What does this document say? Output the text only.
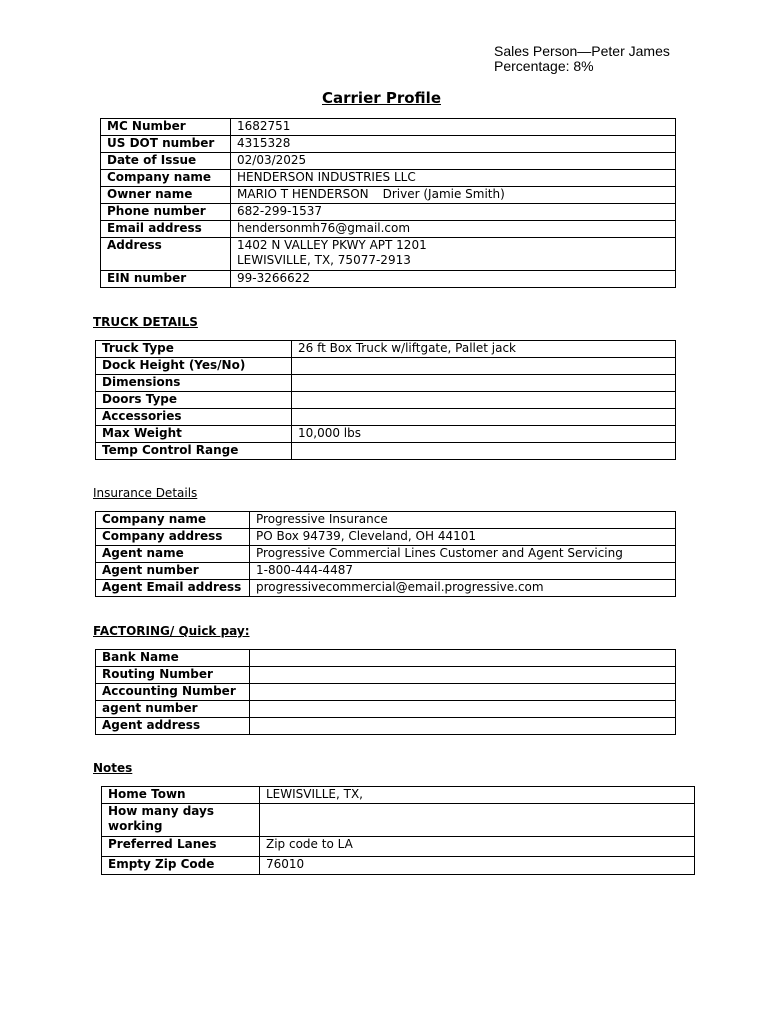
Sales Person—Peter James
Percentage: 8%
Carrier Profile
MC Number	1682751
US DOT number	4315328
Date of Issue	02/03/2025
Company name	HENDERSON INDUSTRIES LLC
Owner name	MARIO T HENDERSON Driver (Jamie Smith)
Phone number	682-299-1537
Email address	hendersonmh76@gmail.com
Address	1402 N VALLEY PKWY APT 1201
LEWISVILLE, TX, 75077-2913

EIN number	99-3266622
TRUCK DETAILS
Truck Type	26 ft Box Truck w/liftgate, Pallet jack
Dock Height (Yes/No)	
Dimensions	
Doors Type	
Accessories	
Max Weight	10,000 lbs
Temp Control Range	
Insurance Details
Company name	Progressive Insurance
Company address	PO Box 94739, Cleveland, OH 44101
Agent name	Progressive Commercial Lines Customer and Agent Servicing
Agent number	1-800-444-4487
Agent Email address	progressivecommercial@email.progressive.com
FACTORING/ Quick pay:
Bank Name	
Routing Number	
Accounting Number	
agent number	
Agent address	
Notes
Home Town	LEWISVILLE, TX,
How many days working	
Preferred Lanes	Zip code to LA
Empty Zip Code	76010
